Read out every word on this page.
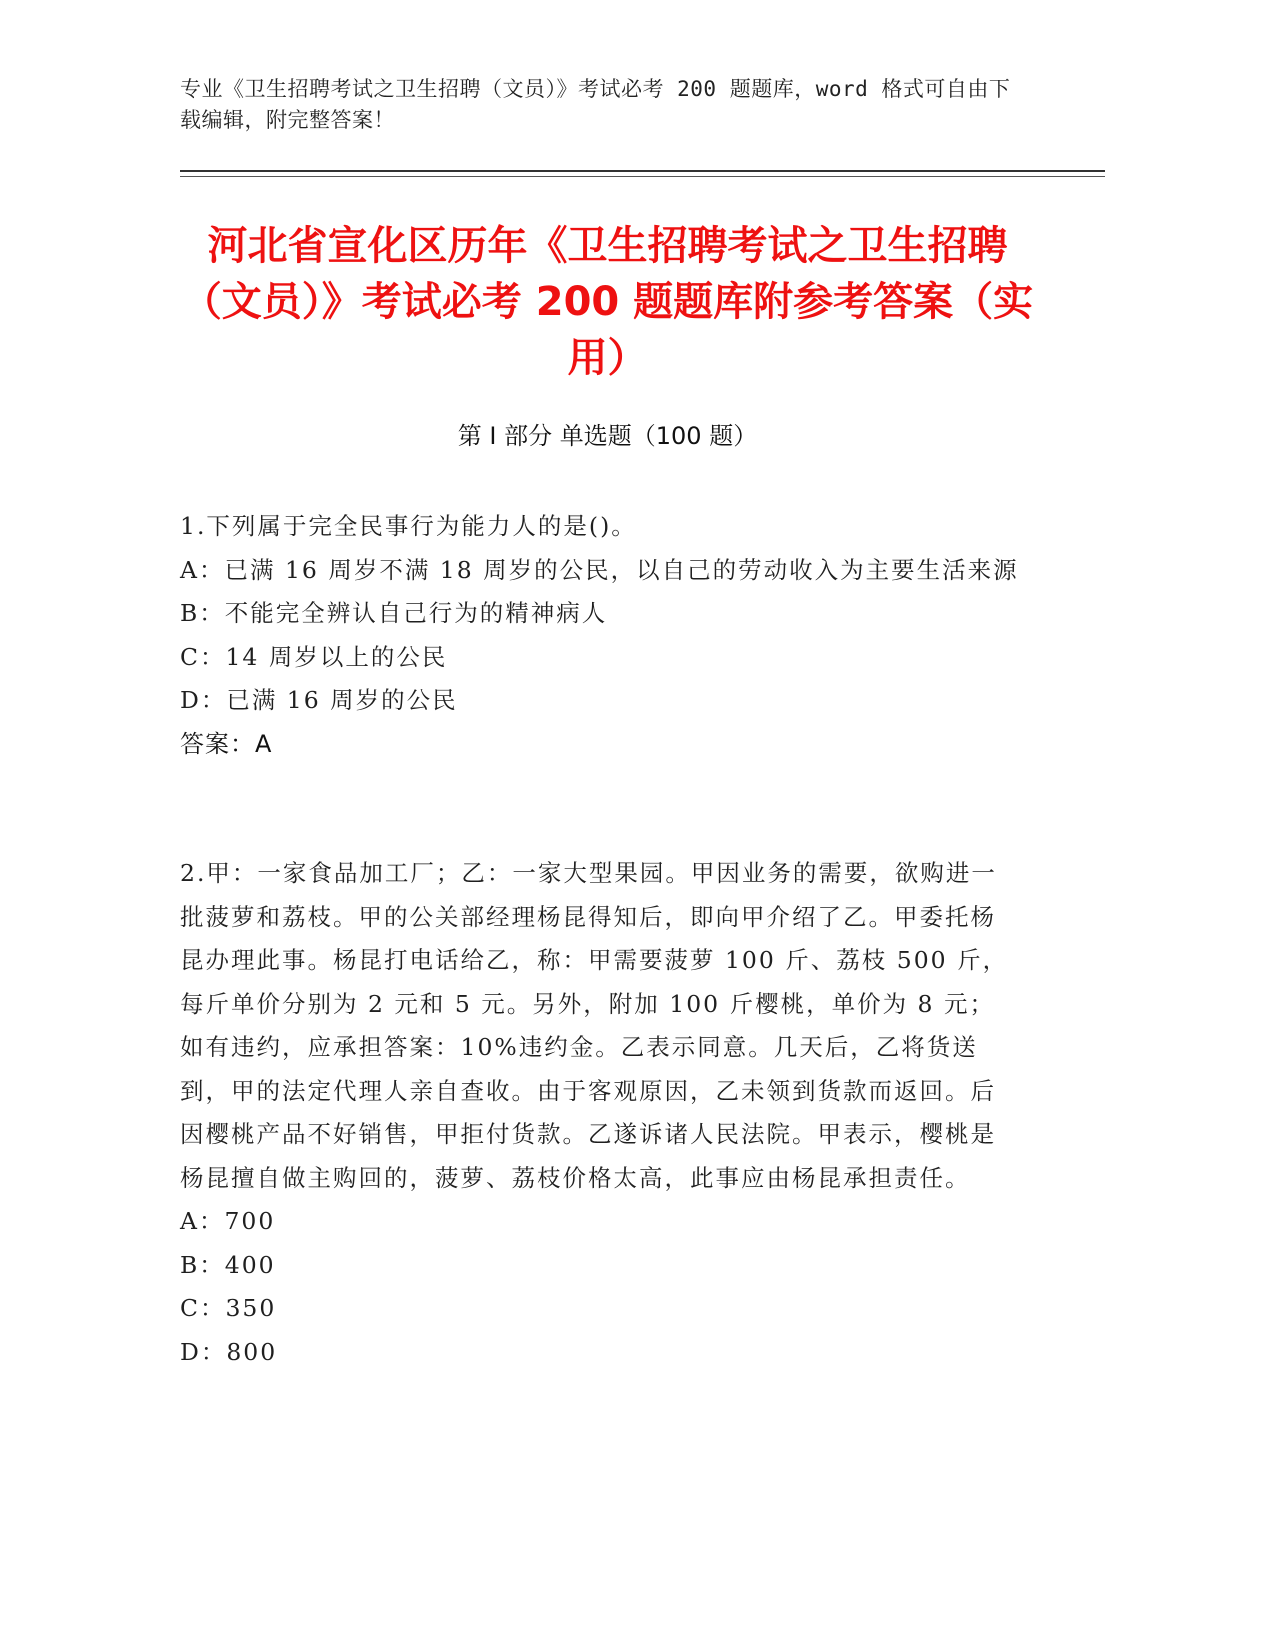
专业《卫生招聘考试之卫生招聘（文员）》考试必考 200 题题库，word 格式可自由下载编辑，附完整答案！
河北省宣化区历年《卫生招聘考试之卫生招聘（文员）》考试必考 200 题题库附参考答案（实用）
第 I 部分 单选题（100 题）
1.下列属于完全民事行为能力人的是()。
A：已满 16 周岁不满 18 周岁的公民，以自己的劳动收入为主要生活来源
B：不能完全辨认自己行为的精神病人
C：14 周岁以上的公民
D：已满 16 周岁的公民
答案：A
2.甲：一家食品加工厂；乙：一家大型果园。甲因业务的需要，欲购进一批菠萝和荔枝。甲的公关部经理杨昆得知后，即向甲介绍了乙。甲委托杨昆办理此事。杨昆打电话给乙，称：甲需要菠萝 100 斤、荔枝 500 斤，每斤单价分别为 2 元和 5 元。另外，附加 100 斤樱桃，单价为 8 元；如有违约，应承担答案：10%违约金。乙表示同意。几天后，乙将货送到，甲的法定代理人亲自查收。由于客观原因，乙未领到货款而返回。后因樱桃产品不好销售，甲拒付货款。乙遂诉诸人民法院。甲表示，樱桃是杨昆擅自做主购回的，菠萝、荔枝价格太高，此事应由杨昆承担责任。
A：700
B：400
C：350
D：800
